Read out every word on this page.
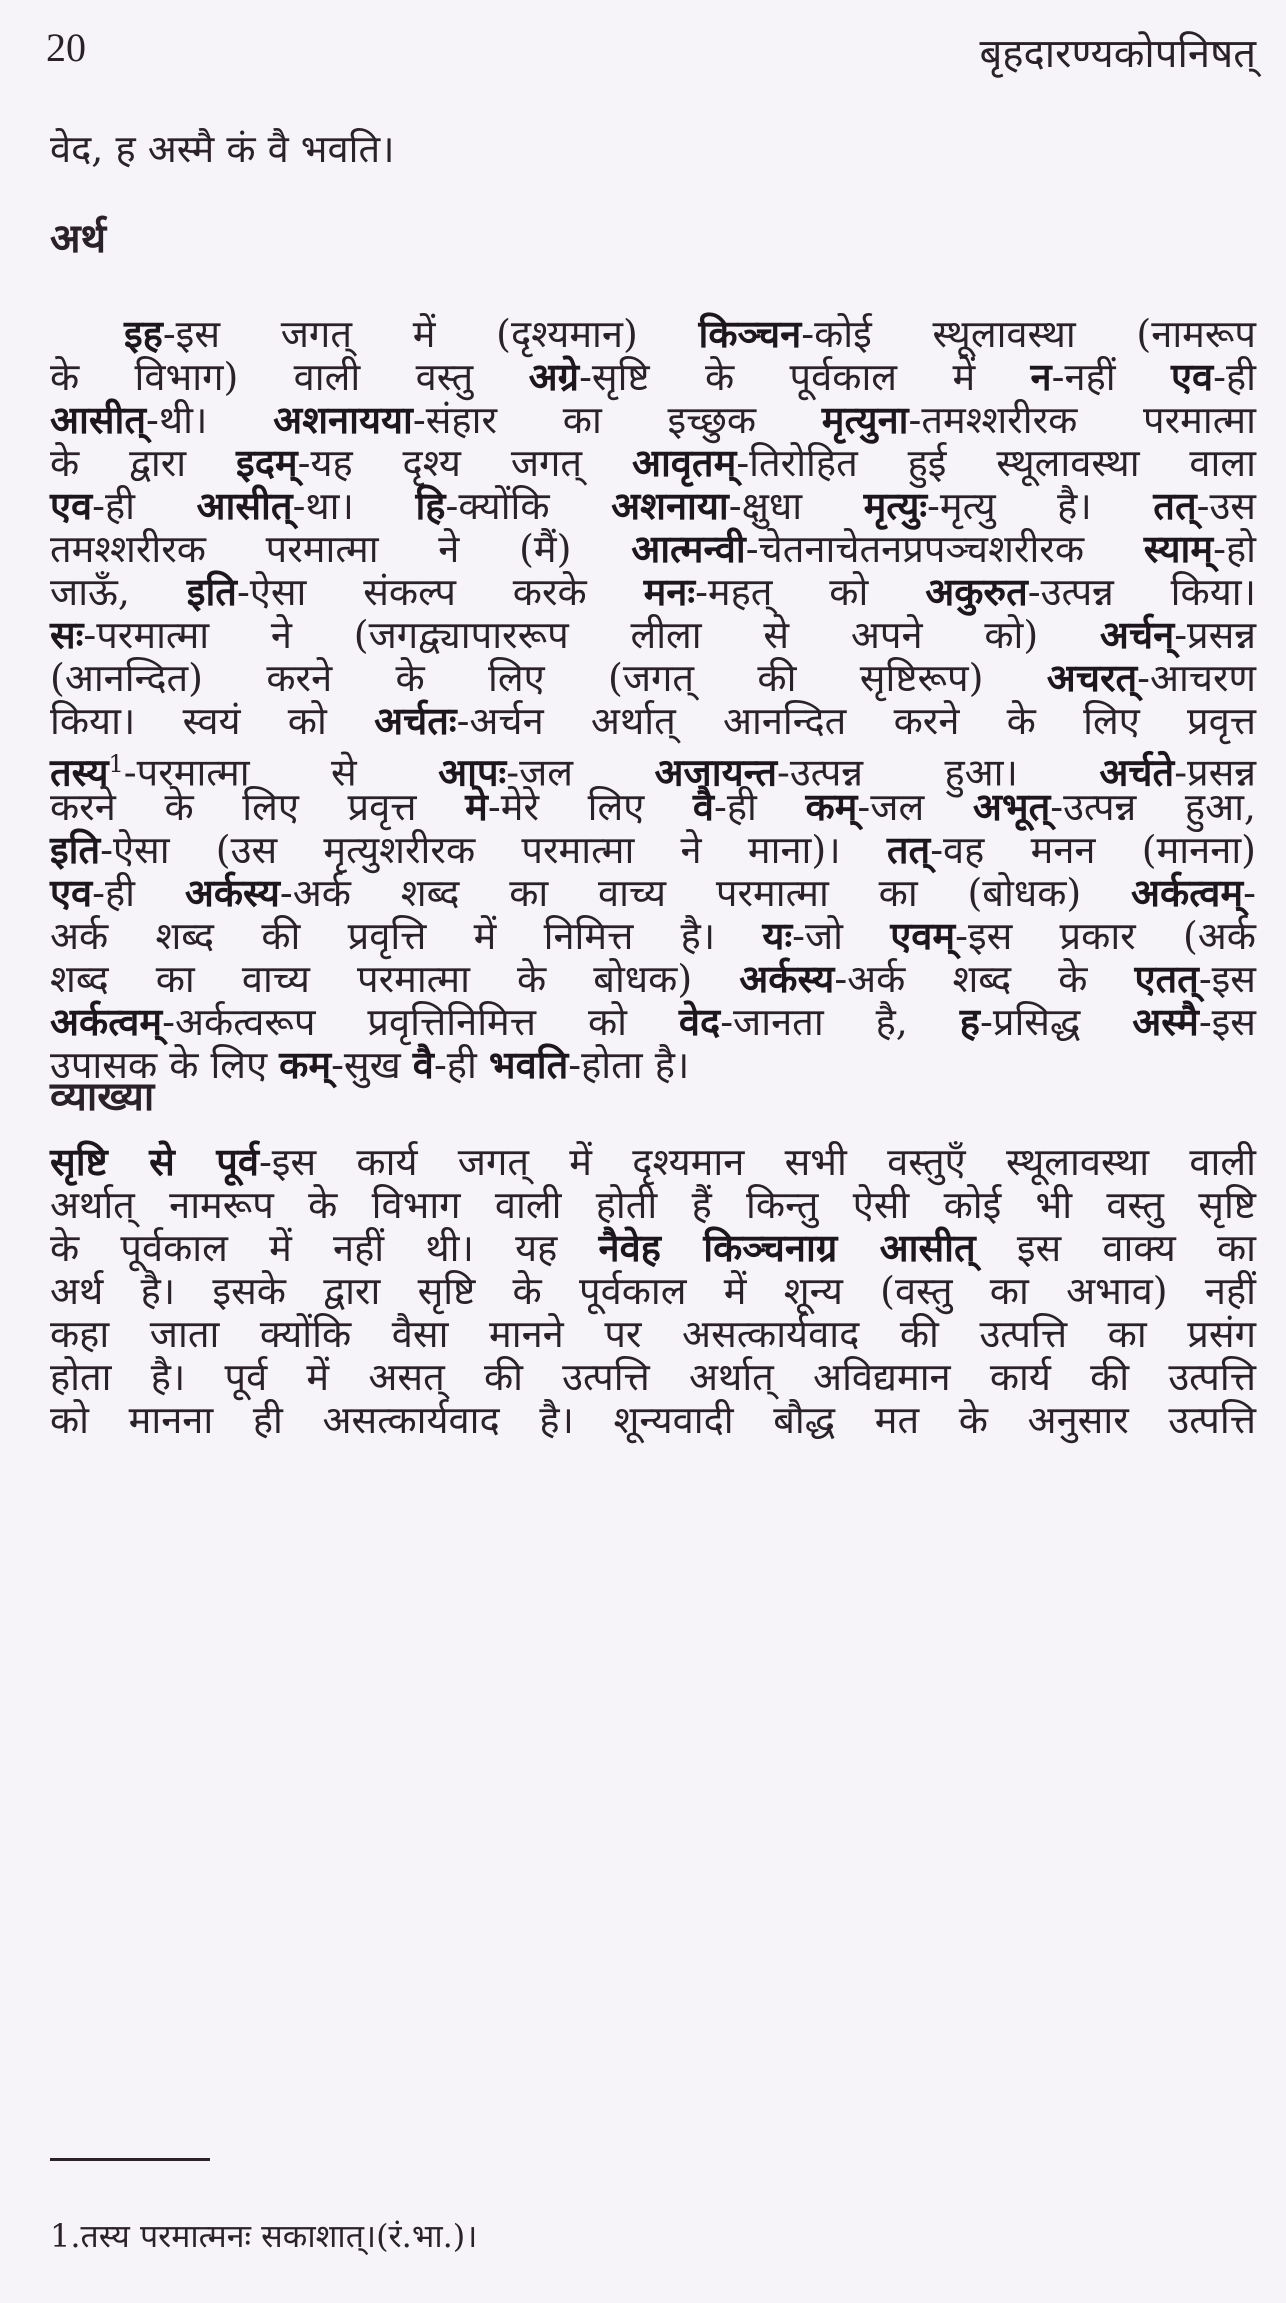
20	बृहदारण्यकोपनिषत्
वेद, ह अस्मै कं वै भवति।
अर्थ
इह-इस जगत् में (दृश्यमान) किञ्चन-कोई स्थूलावस्था (नामरूप
के विभाग) वाली वस्तु अग्रे-सृष्टि के पूर्वकाल में न-नहीं एव-ही
आसीत्-थी। अशनायया-संहार का इच्छुक मृत्युना-तमश्शरीरक परमात्मा
के द्वारा इदम्-यह दृश्य जगत् आवृतम्-तिरोहित हुई स्थूलावस्था वाला
एव-ही आसीत्-था। हि-क्योंकि अशनाया-क्षुधा मृत्युः-मृत्यु है। तत्-उस
तमश्शरीरक परमात्मा ने (मैं) आत्मन्वी-चेतनाचेतनप्रपञ्चशरीरक स्याम्-हो
जाऊँ, इति-ऐसा संकल्प करके मनः-महत् को अकुरुत-उत्पन्न किया।
सः-परमात्मा ने (जगद्व्यापाररूप लीला से अपने को) अर्चन्-प्रसन्न
(आनन्दित) करने के लिए (जगत् की सृष्टिरूप) अचरत्-आचरण
किया। स्वयं को अर्चतः-अर्चन अर्थात् आनन्दित करने के लिए प्रवृत्त
तस्य$^1$-परमात्मा से आपः-जल अजायन्त-उत्पन्न हुआ। अर्चते-प्रसन्न
करने के लिए प्रवृत्त मे-मेरे लिए वै-ही कम्-जल अभूत्-उत्पन्न हुआ,
इति-ऐसा (उस मृत्युशरीरक परमात्मा ने माना)। तत्-वह मनन (मानना)
एव-ही अर्कस्य-अर्क शब्द का वाच्य परमात्मा का (बोधक) अर्कत्वम्-
अर्क शब्द की प्रवृत्ति में निमित्त है। यः-जो एवम्-इस प्रकार (अर्क
शब्द का वाच्य परमात्मा के बोधक) अर्कस्य-अर्क शब्द के एतत्-इस
अर्कत्वम्-अर्कत्वरूप प्रवृत्तिनिमित्त को वेद-जानता है, ह-प्रसिद्ध अस्मै-इस
उपासक के लिए कम्-सुख वै-ही भवति-होता है।
व्याख्या
सृष्टि से पूर्व-इस कार्य जगत् में दृश्यमान सभी वस्तुएँ स्थूलावस्था वाली
अर्थात् नामरूप के विभाग वाली होती हैं किन्तु ऐसी कोई भी वस्तु सृष्टि
के पूर्वकाल में नहीं थी। यह नैवेह किञ्चनाग्र आसीत् इस वाक्य का
अर्थ है। इसके द्वारा सृष्टि के पूर्वकाल में शून्य (वस्तु का अभाव) नहीं
कहा जाता क्योंकि वैसा मानने पर असत्कार्यवाद की उत्पत्ति का प्रसंग
होता है। पूर्व में असत् की उत्पत्ति अर्थात् अविद्यमान कार्य की उत्पत्ति
को मानना ही असत्कार्यवाद है। शून्यवादी बौद्ध मत के अनुसार उत्पत्ति
1.तस्य परमात्मनः सकाशात्।(रं.भा.)।
